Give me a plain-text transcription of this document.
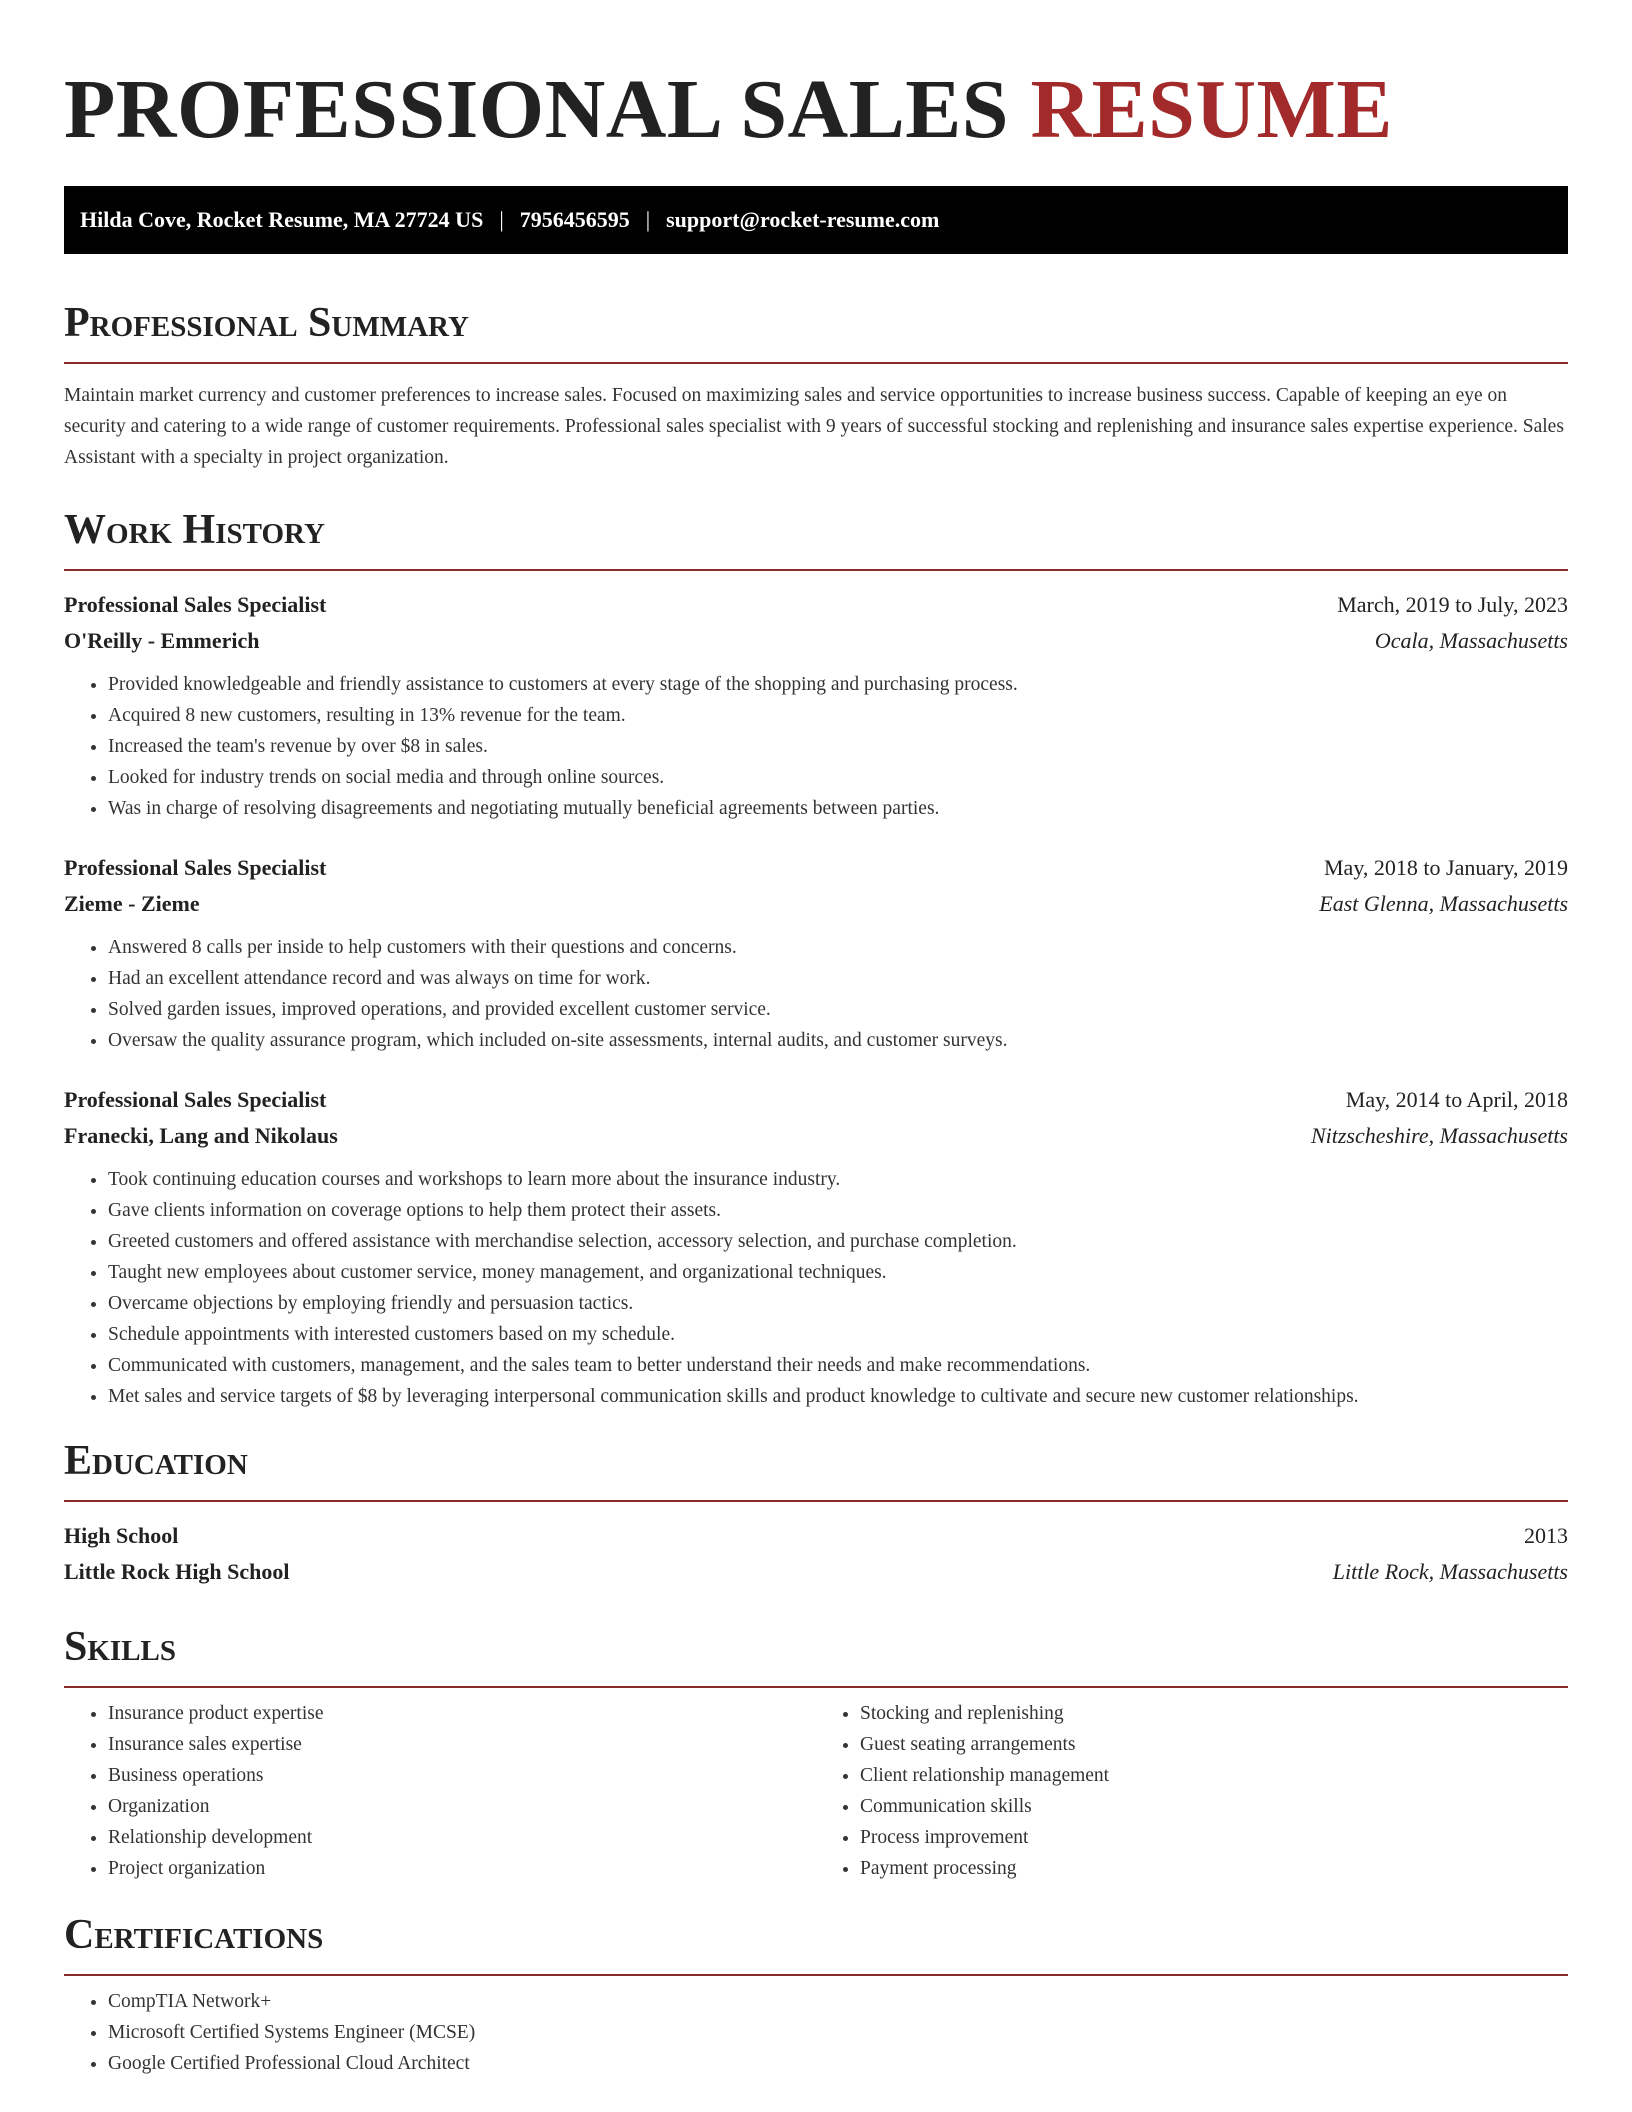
PROFESSIONAL SALES RESUME
Hilda Cove, Rocket Resume, MA 27724 US | 7956456595 | support@rocket-resume.com
Professional Summary

Maintain market currency and customer preferences to increase sales. Focused on maximizing sales and service opportunities to increase business success. Capable of keeping an eye on security and catering to a wide range of customer requirements. Professional sales specialist with 9 years of successful stocking and replenishing and insurance sales expertise experience. Sales Assistant with a specialty in project organization.

Work History
Professional Sales Specialist	March, 2019 to July, 2023
O'Reilly - Emmerich	Ocala, Massachusetts
• Provided knowledgeable and friendly assistance to customers at every stage of the shopping and purchasing process.
• Acquired 8 new customers, resulting in 13% revenue for the team.
• Increased the team's revenue by over $8 in sales.
• Looked for industry trends on social media and through online sources.
• Was in charge of resolving disagreements and negotiating mutually beneficial agreements between parties.
Professional Sales Specialist	May, 2018 to January, 2019
Zieme - Zieme	East Glenna, Massachusetts
• Answered 8 calls per inside to help customers with their questions and concerns.
• Had an excellent attendance record and was always on time for work.
• Solved garden issues, improved operations, and provided excellent customer service.
• Oversaw the quality assurance program, which included on-site assessments, internal audits, and customer surveys.
Professional Sales Specialist	May, 2014 to April, 2018
Franecki, Lang and Nikolaus	Nitzscheshire, Massachusetts
• Took continuing education courses and workshops to learn more about the insurance industry.
• Gave clients information on coverage options to help them protect their assets.
• Greeted customers and offered assistance with merchandise selection, accessory selection, and purchase completion.
• Taught new employees about customer service, money management, and organizational techniques.
• Overcame objections by employing friendly and persuasion tactics.
• Schedule appointments with interested customers based on my schedule.
• Communicated with customers, management, and the sales team to better understand their needs and make recommendations.
• Met sales and service targets of $8 by leveraging interpersonal communication skills and product knowledge to cultivate and secure new customer relationships.
Education
High School	2013
Little Rock High School	Little Rock, Massachusetts
Skills
• Insurance product expertise
• Insurance sales expertise
• Business operations
• Organization
• Relationship development
• Project organization
• Stocking and replenishing
• Guest seating arrangements
• Client relationship management
• Communication skills
• Process improvement
• Payment processing
Certifications
• CompTIA Network+
• Microsoft Certified Systems Engineer (MCSE)
• Google Certified Professional Cloud Architect
